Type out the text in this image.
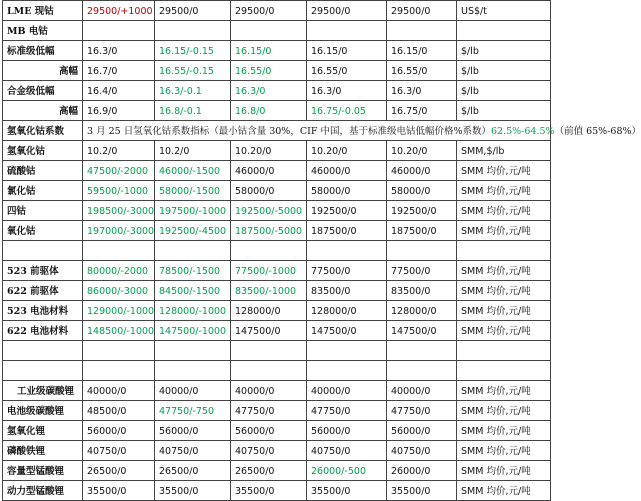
LME 现钴	29500/+1000	29500/0	29500/0	29500/0	29500/0	US$/t
MB 电钴						
标准级低幅	16.3/0	16.15/-0.15	16.15/0	16.15/0	16.15/0	$/lb
高幅	16.7/0	16.55/-0.15	16.55/0	16.55/0	16.55/0	$/lb
合金级低幅	16.4/0	16.3/-0.1	16.3/0	16.3/0	16.3/0	$/lb
高幅	16.9/0	16.8/-0.1	16.8/0	16.75/-0.05	16.75/0	$/lb
氢氧化钴系数	3 月 25 日氢氧化钴系数指标（最小钴含量 30%，CIF 中国，基于标准级电钴低幅价格%系数）62.5%-64.5%（前值 65%-68%）					
氢氧化钴	10.2/0	10.2/0	10.20/0	10.20/0	10.20/0	SMM,$/lb
硫酸钴	47500/-2000	46000/-1500	46000/0	46000/0	46000/0	SMM 均价,元/吨
氯化钴	59500/-1000	58000/-1500	58000/0	58000/0	58000/0	SMM 均价,元/吨
四钴	198500/-3000	197500/-1000	192500/-5000	192500/0	192500/0	SMM 均价,元/吨
氧化钴	197000/-3000	192500/-4500	187500/-5000	187500/0	187500/0	SMM 均价,元/吨

523 前驱体	80000/-2000	78500/-1500	77500/-1000	77500/0	77500/0	SMM 均价,元/吨
622 前驱体	86000/-3000	84500/-1500	83500/-1000	83500/0	83500/0	SMM 均价,元/吨
523 电池材料	129000/-1000	128000/-1000	128000/0	128000/0	128000/0	SMM 均价,元/吨
622 电池材料	148500/-1000	147500/-1000	147500/0	147500/0	147500/0	SMM 均价,元/吨

工业级碳酸锂	40000/0	40000/0	40000/0	40000/0	40000/0	SMM 均价,元/吨
电池级碳酸锂	48500/0	47750/-750	47750/0	47750/0	47750/0	SMM 均价,元/吨
氢氧化锂	56000/0	56000/0	56000/0	56000/0	56000/0	SMM 均价,元/吨
磷酸铁锂	40750/0	40750/0	40750/0	40750/0	40750/0	SMM 均价,元/吨
容量型锰酸锂	26500/0	26500/0	26500/0	26000/-500	26000/0	SMM 均价,元/吨
动力型锰酸锂	35500/0	35500/0	35500/0	35500/0	35500/0	SMM 均价,元/吨
